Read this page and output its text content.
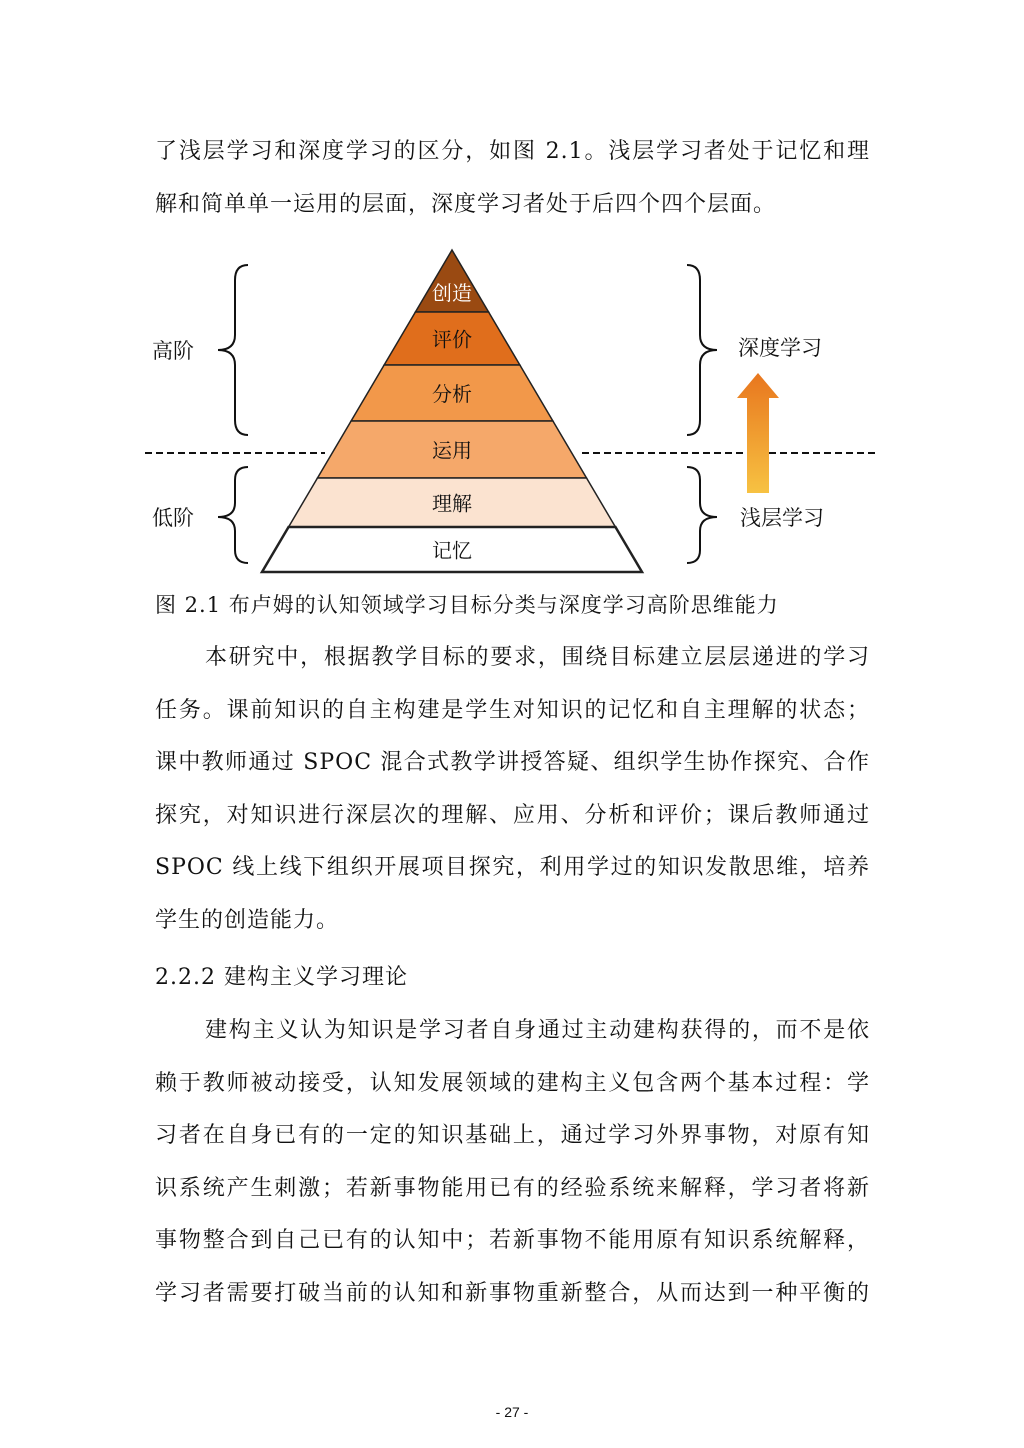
了浅层学习和深度学习的区分，如图 2.1。浅层学习者处于记忆和理
解和简单单一运用的层面，深度学习者处于后四个四个层面。
创造
评价
分析
运用
理解
记忆
高阶
低阶
深度学习
浅层学习
图 2.1 布卢姆的认知领域学习目标分类与深度学习高阶思维能力
本研究中，根据教学目标的要求，围绕目标建立层层递进的学习
任务。课前知识的自主构建是学生对知识的记忆和自主理解的状态；
课中教师通过 SPOC 混合式教学讲授答疑、组织学生协作探究、合作
探究，对知识进行深层次的理解、应用、分析和评价；课后教师通过
SPOC 线上线下组织开展项目探究，利用学过的知识发散思维，培养
学生的创造能力。
2.2.2 建构主义学习理论
建构主义认为知识是学习者自身通过主动建构获得的，而不是依
赖于教师被动接受，认知发展领域的建构主义包含两个基本过程：学
习者在自身已有的一定的知识基础上，通过学习外界事物，对原有知
识系统产生刺激；若新事物能用已有的经验系统来解释，学习者将新
事物整合到自己已有的认知中；若新事物不能用原有知识系统解释，
学习者需要打破当前的认知和新事物重新整合，从而达到一种平衡的
- 27 -
